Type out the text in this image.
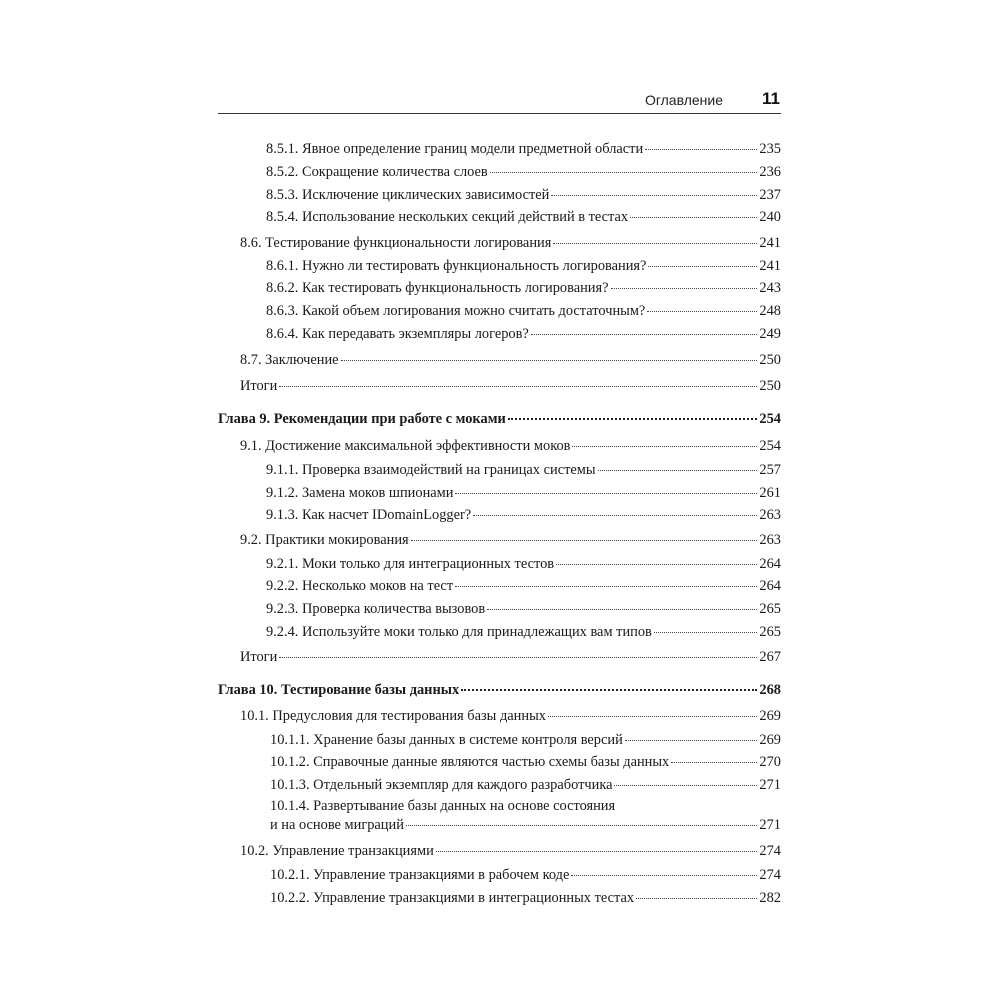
Оглавление 11
8.5.1. Явное определение границ модели предметной области	235
8.5.2. Сокращение количества слоев	236
8.5.3. Исключение циклических зависимостей	237
8.5.4. Использование нескольких секций действий в тестах	240
8.6. Тестирование функциональности логирования	241
8.6.1. Нужно ли тестировать функциональность логирования?	241
8.6.2. Как тестировать функциональность логирования?	243
8.6.3. Какой объем логирования можно считать достаточным?	248
8.6.4. Как передавать экземпляры логеров?	249
8.7. Заключение	250
Итоги	250
Глава 9. Рекомендации при работе с моками	254
9.1. Достижение максимальной эффективности моков	254
9.1.1. Проверка взаимодействий на границах системы	257
9.1.2. Замена моков шпионами	261
9.1.3. Как насчет IDomainLogger?	263
9.2. Практики мокирования	263
9.2.1. Моки только для интеграционных тестов	264
9.2.2. Несколько моков на тест	264
9.2.3. Проверка количества вызовов	265
9.2.4. Используйте моки только для принадлежащих вам типов	265
Итоги	267
Глава 10. Тестирование базы данных	268
10.1. Предусловия для тестирования базы данных	269
10.1.1. Хранение базы данных в системе контроля версий	269
10.1.2. Справочные данные являются частью схемы базы данных	270
10.1.3. Отдельный экземпляр для каждого разработчика	271
10.1.4. Развертывание базы данных на основе состояния
и на основе миграций	271
10.2. Управление транзакциями	274
10.2.1. Управление транзакциями в рабочем коде	274
10.2.2. Управление транзакциями в интеграционных тестах	282
